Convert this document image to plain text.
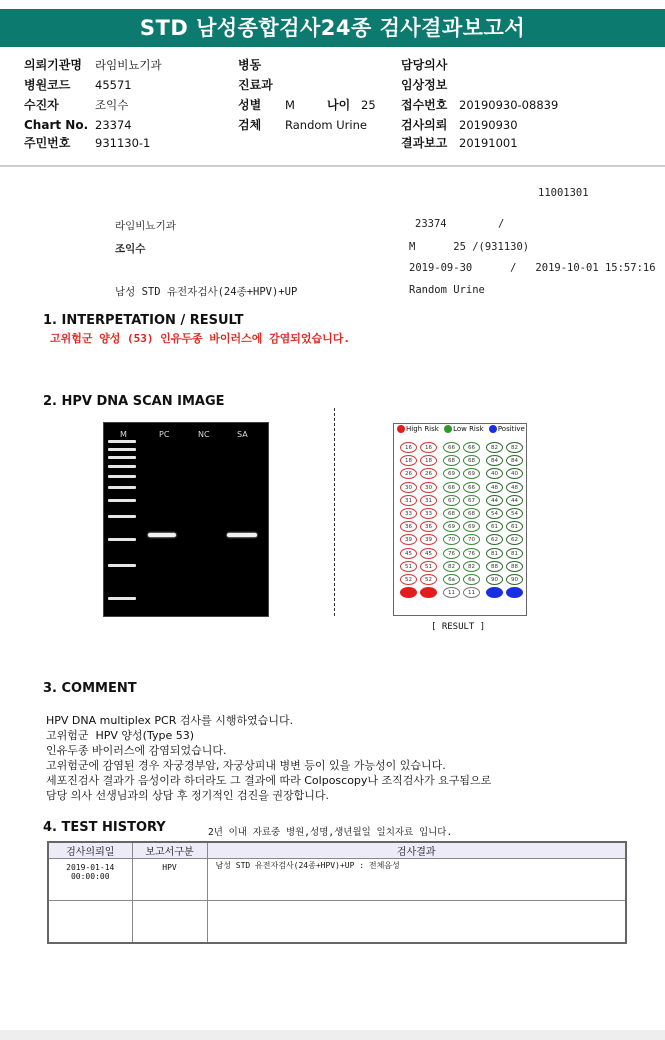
STD 남성종합검사24종 검사결과보고서
의뢰기관명 라임비뇨기과
병원코드 45571
수진자	조익수
Chart No. 23374
주민번호 931130-1
병동
진료과
성별 M	나이 25
검체 Random Urine
담당의사
임상정보
접수번호 20190930-08839
검사의뢰 20190930
결과보고 20191001
11001301
라임비뇨기과	23374	/
조익수	M      25 /(931130)
2019-09-30      /   2019-10-01 15:57:16
남성 STD 유전자검사(24종+HPV)+UP	Random Urine
1. INTERPETATION / RESULT
고위험군 양성 (53) 인유두종 바이러스에 감염되었습니다.
2. HPV DNA SCAN IMAGE
M	PC	NC	SA
High Risk Low Risk Positive
16	16	66	66	82	82
18	18	68	68	84	84
26	26	69	69	40	40
30	30	66	66	48	48
31	31	67	67	44	44
33	33	68	68	54	54
36	36	69	69	61	61
39	39	70	70	62	62
45	45	76	76	81	81
51	51	82	82	88	88
52	52	6a	6a	90	90
53	53	11	11
[ RESULT ]
3. COMMENT
HPV DNA multiplex PCR 검사를 시행하였습니다.
고위험군  HPV 양성(Type 53)
인유두종 바이러스에 감염되었습니다.
고위험군에 감염된 경우 자궁경부암, 자궁상피내 병변 등이 있을 가능성이 있습니다.
세포진검사 결과가 음성이라 하더라도 그 결과에 따라 Colposcopy나 조직검사가 요구됨으로
담당 의사 선생님과의 상담 후 정기적인 검진을 권장합니다.
4. TEST HISTORY	2년 이내 자료중 병원,성명,생년월일 일치자료 입니다.
검사의뢰일	보고서구분	검사결과

2019-01-14
00:00:00	HPV	남성 STD 유전자검사(24종+HPV)+UP : 전체음성
